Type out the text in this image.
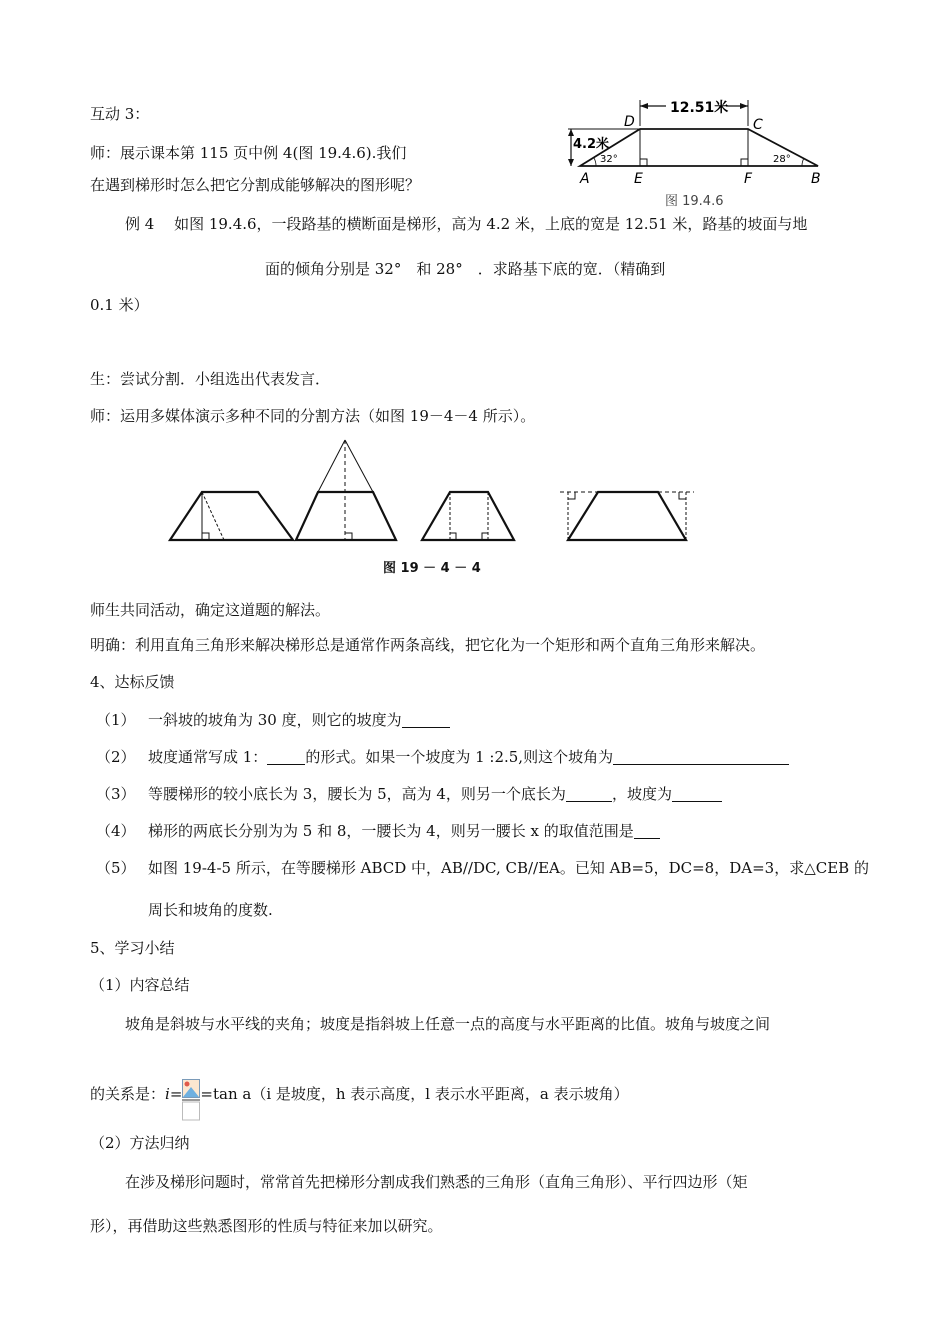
12.51米
4.2米
32°	28°
D	C
A	E	F	B
图 19.4.6
互动 3：
师：展示课本第 115 页中例 4(图 19.4.6).我们
在遇到梯形时怎么把它分割成能够解决的图形呢？
例 4　 如图 19.4.6，一段路基的横断面是梯形，高为 4.2 米，上底的宽是 12.51 米，路基的坡面与地
面的倾角分别是 32°　和 28°　．求路基下底的宽．（精确到
0.1 米）
生：尝试分割．小组选出代表发言．
师：运用多媒体演示多种不同的分割方法（如图 19－4－4 所示）。
图 19 － 4 － 4
师生共同活动，确定这道题的解法。
明确：利用直角三角形来解决梯形总是通常作两条高线，把它化为一个矩形和两个直角三角形来解决。
4、达标反馈
（1） 一斜坡的坡角为 30 度，则它的坡度为
（2） 坡度通常写成 1：	的形式。如果一个坡度为 1 :2.5,则这个坡角为
（3） 等腰梯形的较小底长为 3，腰长为 5，高为 4，则另一个底长为	，坡度为
（4） 梯形的两底长分别为为 5 和 8，一腰长为 4，则另一腰长 x 的取值范围是
（5） 如图 19-4-5 所示，在等腰梯形 ABCD 中，AB//DC, CB//EA。已知 AB=5，DC=8，DA=3，求△CEB 的
周长和坡角的度数.
5、学习小结
（1）内容总结
坡角是斜坡与水平线的夹角；坡度是指斜坡上任意一点的高度与水平距离的比值。坡角与坡度之间
的关系是：i= =tan a（i 是坡度，h 表示高度，l 表示水平距离，a 表示坡角）
（2）方法归纳
在涉及梯形问题时，常常首先把梯形分割成我们熟悉的三角形（直角三角形）、平行四边形（矩
形），再借助这些熟悉图形的性质与特征来加以研究。
